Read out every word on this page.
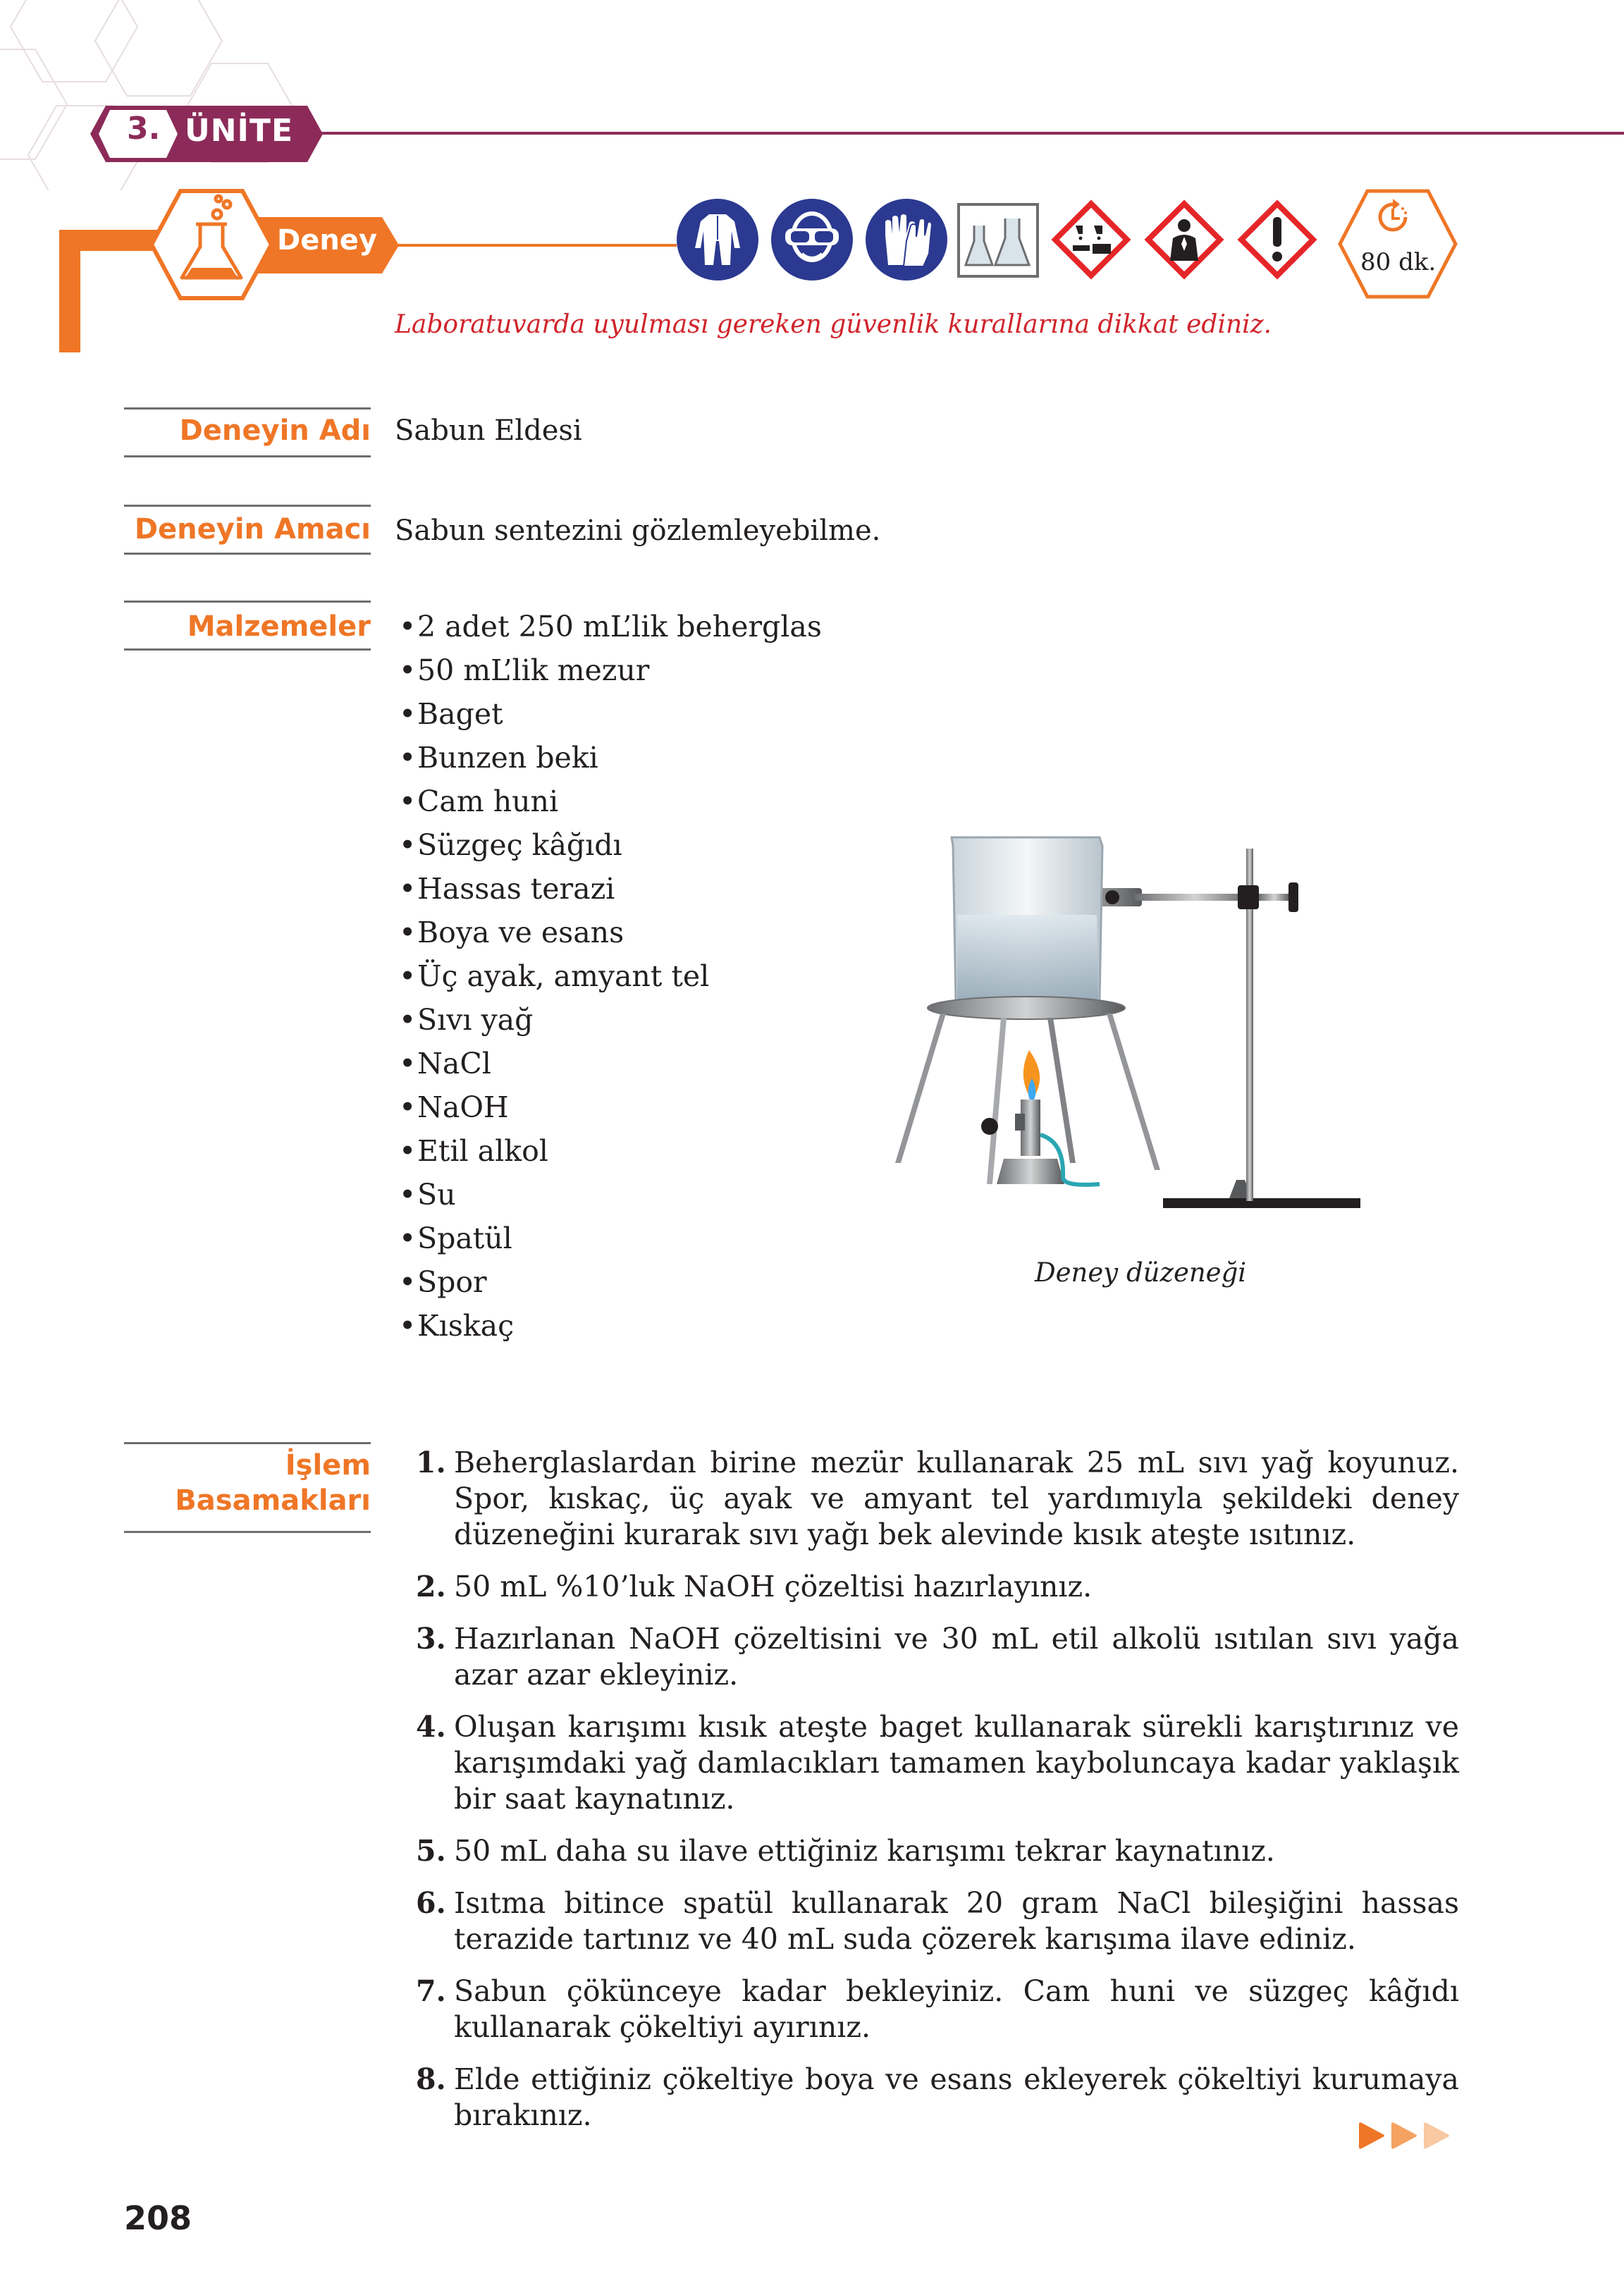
3. ÜNİTE
Deney
80 dk.
Laboratuvarda uyulması gereken güvenlik kurallarına dikkat ediniz.
Deneyin Adı Sabun Eldesi
Deneyin Amacı Sabun sentezini gözlemleyebilme.
Malzemeler
• 2 adet 250 mL’lik beherglas
• 50 mL’lik mezur
• Baget
• Bunzen beki
• Cam huni
• Süzgeç kâğıdı
• Hassas terazi
• Boya ve esans
• Üç ayak, amyant tel
• Sıvı yağ
• NaCl
• NaOH
• Etil alkol
• Su
• Spatül
• Spor
• Kıskaç
Deney düzeneği
İşlem
Basamakları
1. Beherglaslardan birine mezür kullanarak 25 mL sıvı yağ koyunuz. Spor, kıskaç, üç ayak ve amyant tel yardımıyla şekildeki deney düzeneğini kurarak sıvı yağı bek alevinde kısık ateşte ısıtınız.
2. 50 mL %10’luk NaOH çözeltisi hazırlayınız.
3. Hazırlanan NaOH çözeltisini ve 30 mL etil alkolü ısıtılan sıvı yağa azar azar ekleyiniz.
4. Oluşan karışımı kısık ateşte baget kullanarak sürekli karıştırınız ve karışımdaki yağ damlacıkları tamamen kayboluncaya kadar yaklaşık bir saat kaynatınız.
5. 50 mL daha su ilave ettiğiniz karışımı tekrar kaynatınız.
6. Isıtma bitince spatül kullanarak 20 gram NaCl bileşiğini hassas terazide tartınız ve 40 mL suda çözerek karışıma ilave ediniz.
7. Sabun çökünceye kadar bekleyiniz. Cam huni ve süzgeç kâğıdı kullanarak çökeltiyi ayırınız.
8. Elde ettiğiniz çökeltiye boya ve esans ekleyerek çökeltiyi kurumaya bırakınız.
208
